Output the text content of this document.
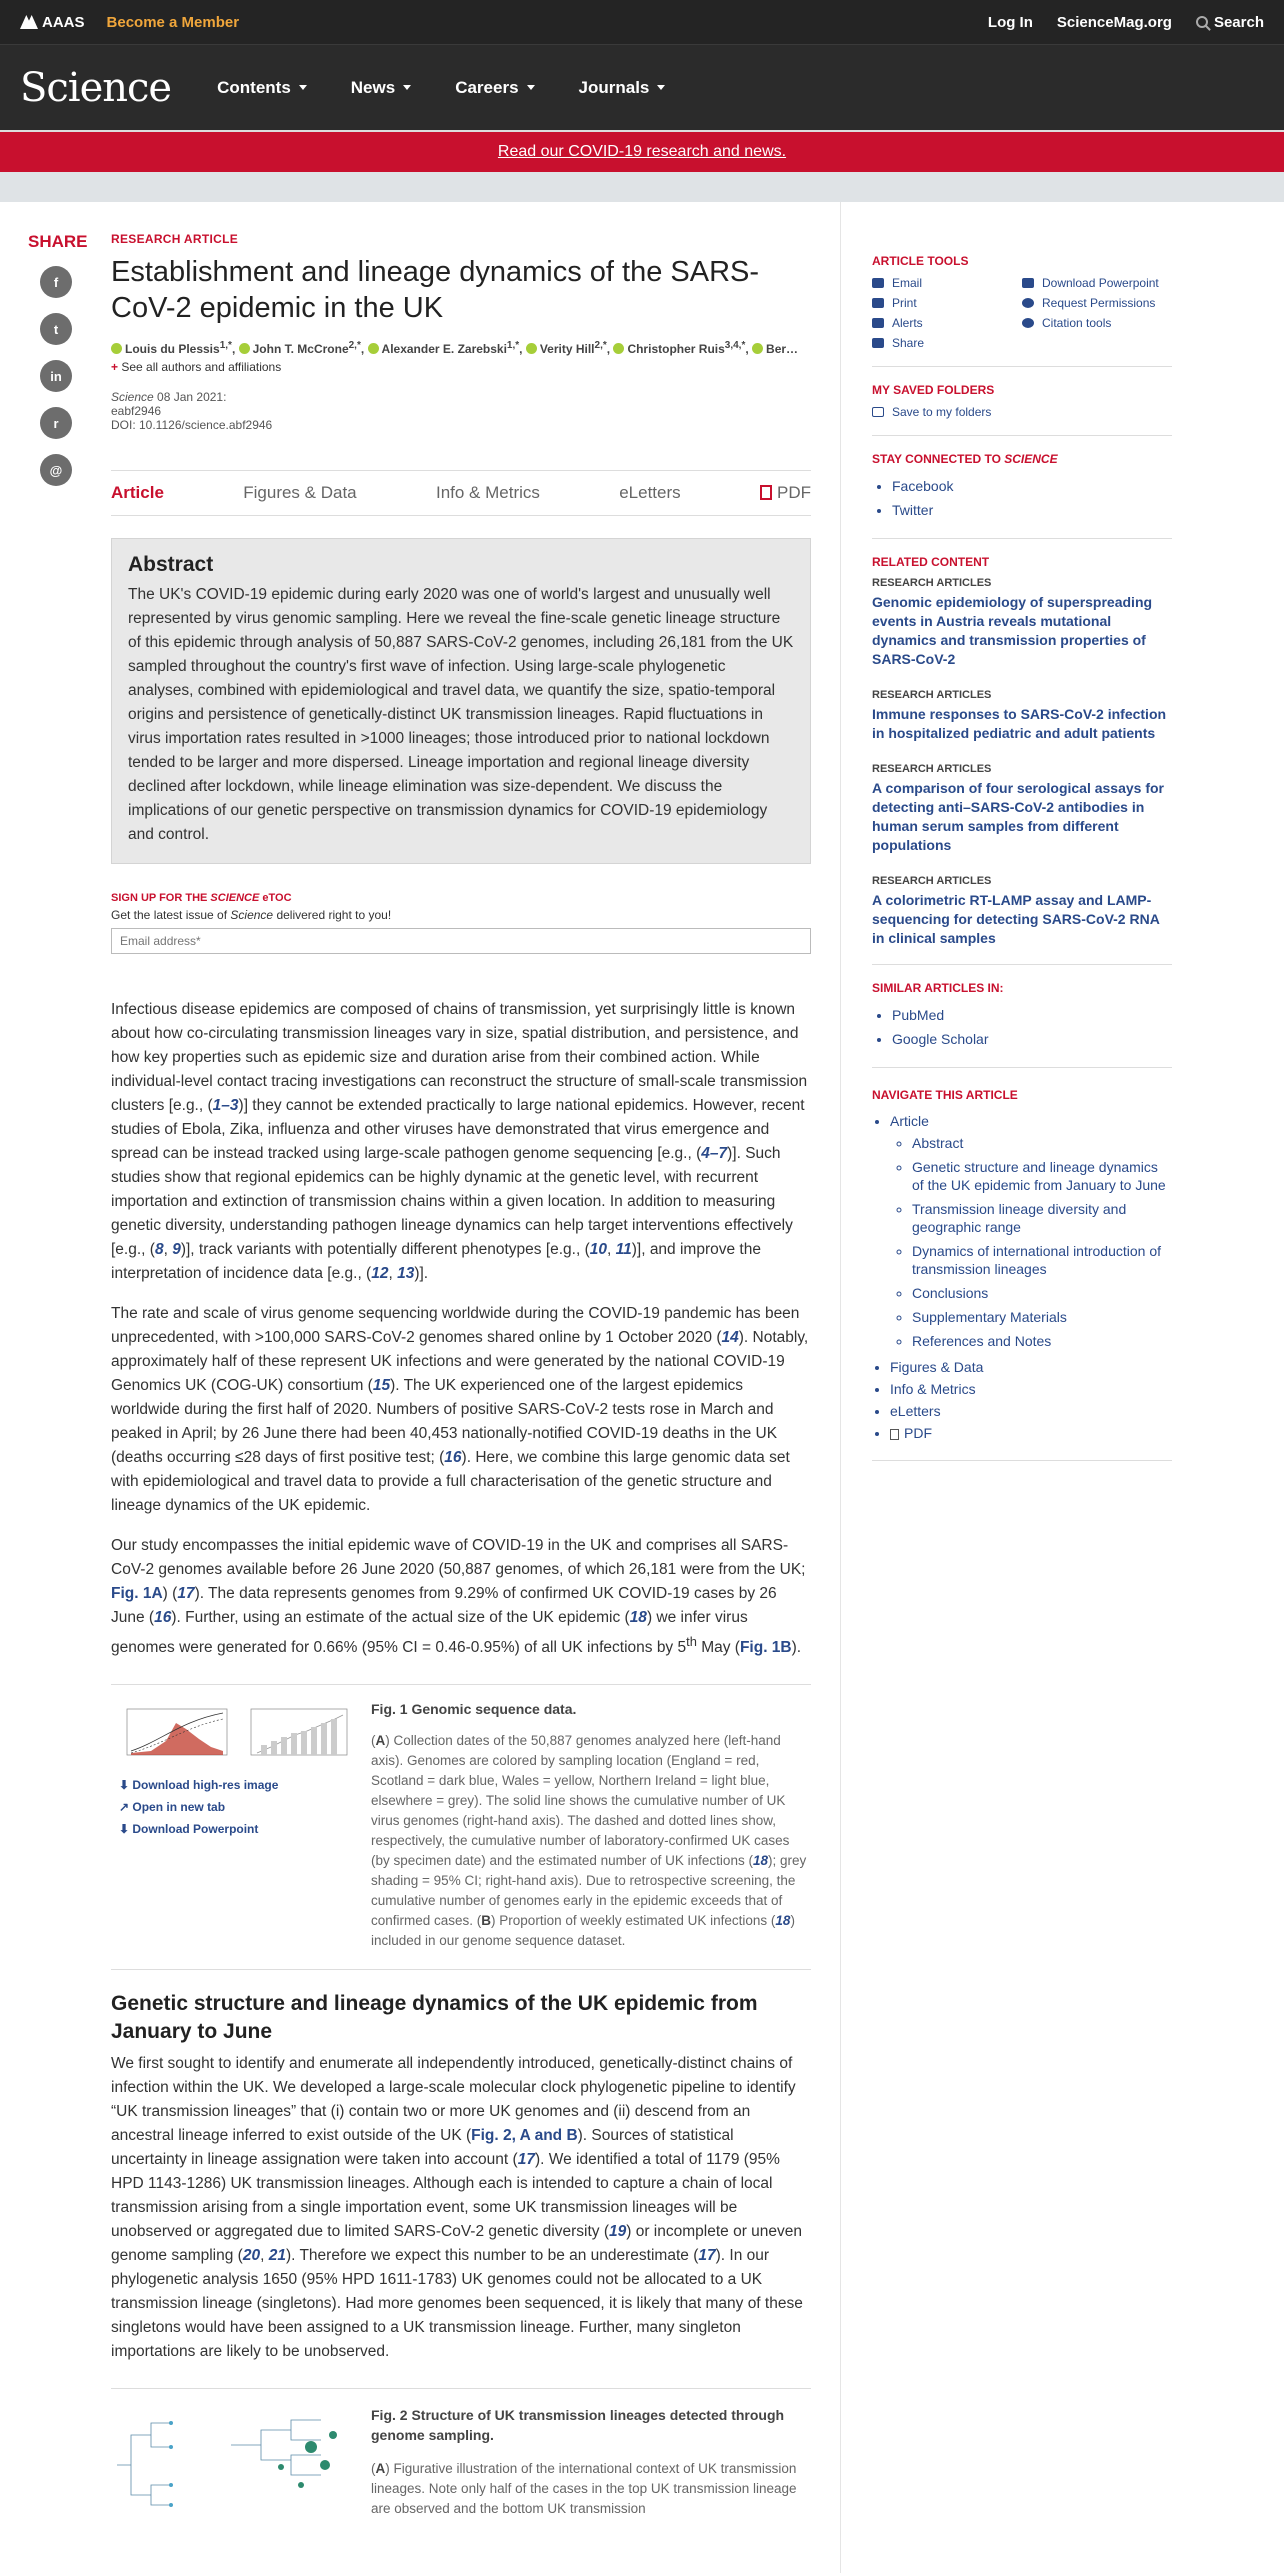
AAAS Become a Member	Log In ScienceMag.org	Search
Science	Contents	News	Careers	Journals
Read our COVID-19 research and news.
SHARE
f
t
in
r
@
RESEARCH ARTICLE
Establishment and lineage dynamics of the SARS-CoV-2 epidemic in the UK
Louis du Plessis$^{1,*}$, John T. McCrone$^{2,*}$, Alexander E. Zarebski$^{1,*}$, Verity Hill$^{2,*}$, Christopher Ruis$^{3,4,*}$, Ber…
+ See all authors and affiliations
Science 08 Jan 2021:
eabf2946
DOI: 10.1126/science.abf2946
Article	Figures & Data	Info & Metrics	eLetters	PDF
Abstract

The UK's COVID-19 epidemic during early 2020 was one of world's largest and unusually well represented by virus genomic sampling. Here we reveal the fine-scale genetic lineage structure of this epidemic through analysis of 50,887 SARS-CoV-2 genomes, including 26,181 from the UK sampled throughout the country's first wave of infection. Using large-scale phylogenetic analyses, combined with epidemiological and travel data, we quantify the size, spatio-temporal origins and persistence of genetically-distinct UK transmission lineages. Rapid fluctuations in virus importation rates resulted in >1000 lineages; those introduced prior to national lockdown tended to be larger and more dispersed. Lineage importation and regional lineage diversity declined after lockdown, while lineage elimination was size-dependent. We discuss the implications of our genetic perspective on transmission dynamics for COVID-19 epidemiology and control.

SIGN UP FOR THE SCIENCE eTOC
Get the latest issue of Science delivered right to you!
Email address*

Infectious disease epidemics are composed of chains of transmission, yet surprisingly little is known about how co-circulating transmission lineages vary in size, spatial distribution, and persistence, and how key properties such as epidemic size and duration arise from their combined action. While individual-level contact tracing investigations can reconstruct the structure of small-scale transmission clusters [e.g., (1–3)] they cannot be extended practically to large national epidemics. However, recent studies of Ebola, Zika, influenza and other viruses have demonstrated that virus emergence and spread can be instead tracked using large-scale pathogen genome sequencing [e.g., (4–7)]. Such studies show that regional epidemics can be highly dynamic at the genetic level, with recurrent importation and extinction of transmission chains within a given location. In addition to measuring genetic diversity, understanding pathogen lineage dynamics can help target interventions effectively [e.g., (8, 9)], track variants with potentially different phenotypes [e.g., (10, 11)], and improve the interpretation of incidence data [e.g., (12, 13)].

The rate and scale of virus genome sequencing worldwide during the COVID-19 pandemic has been unprecedented, with >100,000 SARS-CoV-2 genomes shared online by 1 October 2020 (14). Notably, approximately half of these represent UK infections and were generated by the national COVID-19 Genomics UK (COG-UK) consortium (15). The UK experienced one of the largest epidemics worldwide during the first half of 2020. Numbers of positive SARS-CoV-2 tests rose in March and peaked in April; by 26 June there had been 40,453 nationally-notified COVID-19 deaths in the UK (deaths occurring ≤28 days of first positive test; (16). Here, we combine this large genomic data set with epidemiological and travel data to provide a full characterisation of the genetic structure and lineage dynamics of the UK epidemic.

Our study encompasses the initial epidemic wave of COVID-19 in the UK and comprises all SARS-CoV-2 genomes available before 26 June 2020 (50,887 genomes, of which 26,181 were from the UK; Fig. 1A) (17). The data represents genomes from 9.29% of confirmed UK COVID-19 cases by 26 June (16). Further, using an estimate of the actual size of the UK epidemic (18) we infer virus genomes were generated for 0.66% (95% CI = 0.46-0.95%) of all UK infections by 5th May (Fig. 1B).

⬇ Download high-res image
↗ Open in new tab
⬇ Download Powerpoint
Fig. 1 Genomic sequence data.
(A) Collection dates of the 50,887 genomes analyzed here (left-hand axis). Genomes are colored by sampling location (England = red, Scotland = dark blue, Wales = yellow, Northern Ireland = light blue, elsewhere = grey). The solid line shows the cumulative number of UK virus genomes (right-hand axis). The dashed and dotted lines show, respectively, the cumulative number of laboratory-confirmed UK cases (by specimen date) and the estimated number of UK infections (18); grey shading = 95% CI; right-hand axis). Due to retrospective screening, the cumulative number of genomes early in the epidemic exceeds that of confirmed cases. (B) Proportion of weekly estimated UK infections (18) included in our genome sequence dataset.
Genetic structure and lineage dynamics of the UK epidemic from January to June

We first sought to identify and enumerate all independently introduced, genetically-distinct chains of infection within the UK. We developed a large-scale molecular clock phylogenetic pipeline to identify “UK transmission lineages” that (i) contain two or more UK genomes and (ii) descend from an ancestral lineage inferred to exist outside of the UK (Fig. 2, A and B). Sources of statistical uncertainty in lineage assignation were taken into account (17). We identified a total of 1179 (95% HPD 1143-1286) UK transmission lineages. Although each is intended to capture a chain of local transmission arising from a single importation event, some UK transmission lineages will be unobserved or aggregated due to limited SARS-CoV-2 genetic diversity (19) or incomplete or uneven genome sampling (20, 21). Therefore we expect this number to be an underestimate (17). In our phylogenetic analysis 1650 (95% HPD 1611-1783) UK genomes could not be allocated to a UK transmission lineage (singletons). Had more genomes been sequenced, it is likely that many of these singletons would have been assigned to a UK transmission lineage. Further, many singleton importations are likely to be unobserved.

Fig. 2 Structure of UK transmission lineages detected through genome sampling.
(A) Figurative illustration of the international context of UK transmission lineages. Note only half of the cases in the top UK transmission lineage are observed and the bottom UK transmission
ARTICLE TOOLS
Email	Download Powerpoint
Print	Request Permissions
Alerts	Citation tools
Share
MY SAVED FOLDERS
Save to my folders
STAY CONNECTED TO SCIENCE
• Facebook
• Twitter
RELATED CONTENT
RESEARCH ARTICLES
Genomic epidemiology of superspreading events in Austria reveals mutational dynamics and transmission properties of SARS-CoV-2
RESEARCH ARTICLES
Immune responses to SARS-CoV-2 infection in hospitalized pediatric and adult patients
RESEARCH ARTICLES
A comparison of four serological assays for detecting anti–SARS-CoV-2 antibodies in human serum samples from different populations
RESEARCH ARTICLES
A colorimetric RT-LAMP assay and LAMP-sequencing for detecting SARS-CoV-2 RNA in clinical samples
SIMILAR ARTICLES IN:
• PubMed
• Google Scholar
NAVIGATE THIS ARTICLE
• Article
◦ Abstract
◦ Genetic structure and lineage dynamics of the UK epidemic from January to June
◦ Transmission lineage diversity and geographic range
◦ Dynamics of international introduction of transmission lineages
◦ Conclusions
◦ Supplementary Materials
◦ References and Notes
• Figures & Data
• Info & Metrics
• eLetters
• PDF
